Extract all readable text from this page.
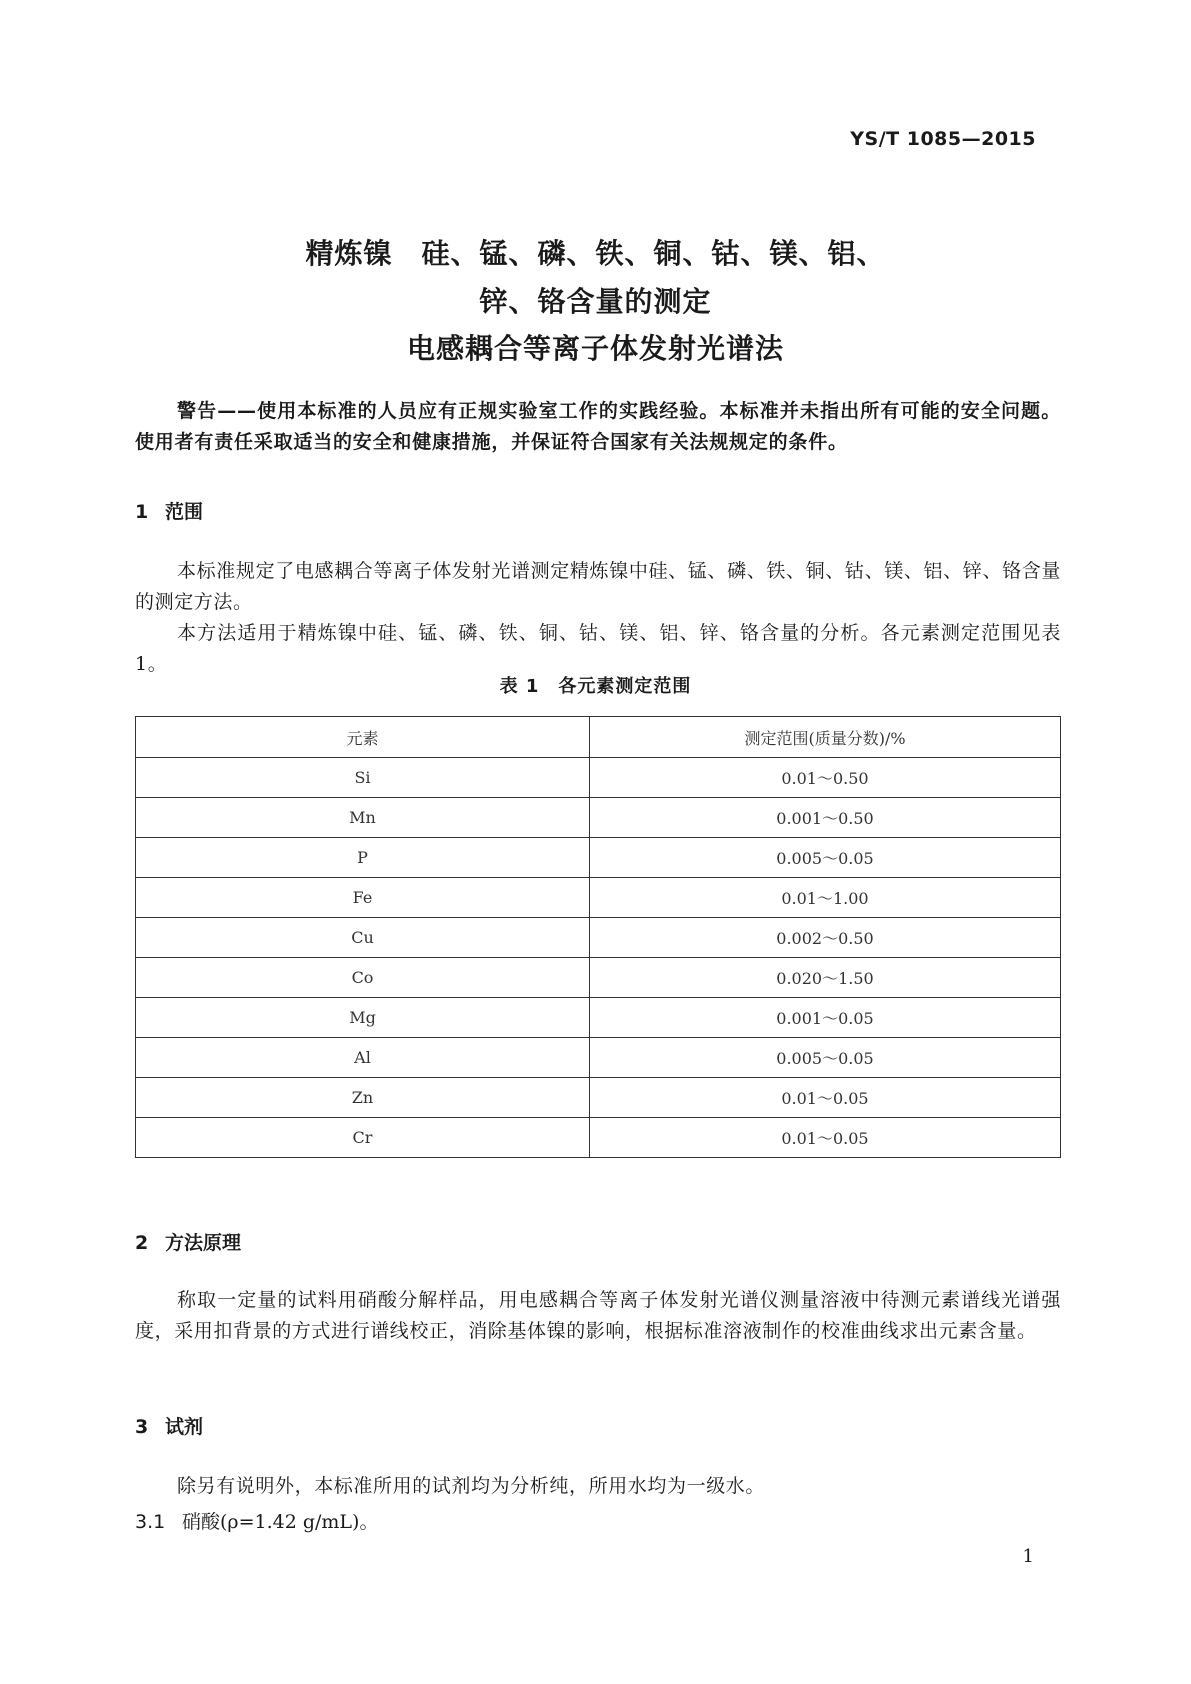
YS/T 1085—2015
精炼镍　硅、锰、磷、铁、铜、钴、镁、铝、
锌、铬含量的测定
电感耦合等离子体发射光谱法

警告——使用本标准的人员应有正规实验室工作的实践经验。本标准并未指出所有可能的安全问题。使用者有责任采取适当的安全和健康措施，并保证符合国家有关法规规定的条件。

1 范围

本标准规定了电感耦合等离子体发射光谱测定精炼镍中硅、锰、磷、铁、铜、钴、镁、铝、锌、铬含量的测定方法。

本方法适用于精炼镍中硅、锰、磷、铁、铜、钴、镁、铝、锌、铬含量的分析。各元素测定范围见表 1。

表 1　各元素测定范围
元素	测定范围(质量分数)/%
Si	0.01～0.50
Mn	0.001～0.50
P	0.005～0.05
Fe	0.01～1.00
Cu	0.002～0.50
Co	0.020～1.50
Mg	0.001～0.05
Al	0.005～0.05
Zn	0.01～0.05
Cr	0.01～0.05
2 方法原理

称取一定量的试料用硝酸分解样品，用电感耦合等离子体发射光谱仪测量溶液中待测元素谱线光谱强度，采用扣背景的方式进行谱线校正，消除基体镍的影响，根据标准溶液制作的校准曲线求出元素含量。

3 试剂

除另有说明外，本标准所用的试剂均为分析纯，所用水均为一级水。

3.1 硝酸(ρ=1.42 g/mL)。
1
